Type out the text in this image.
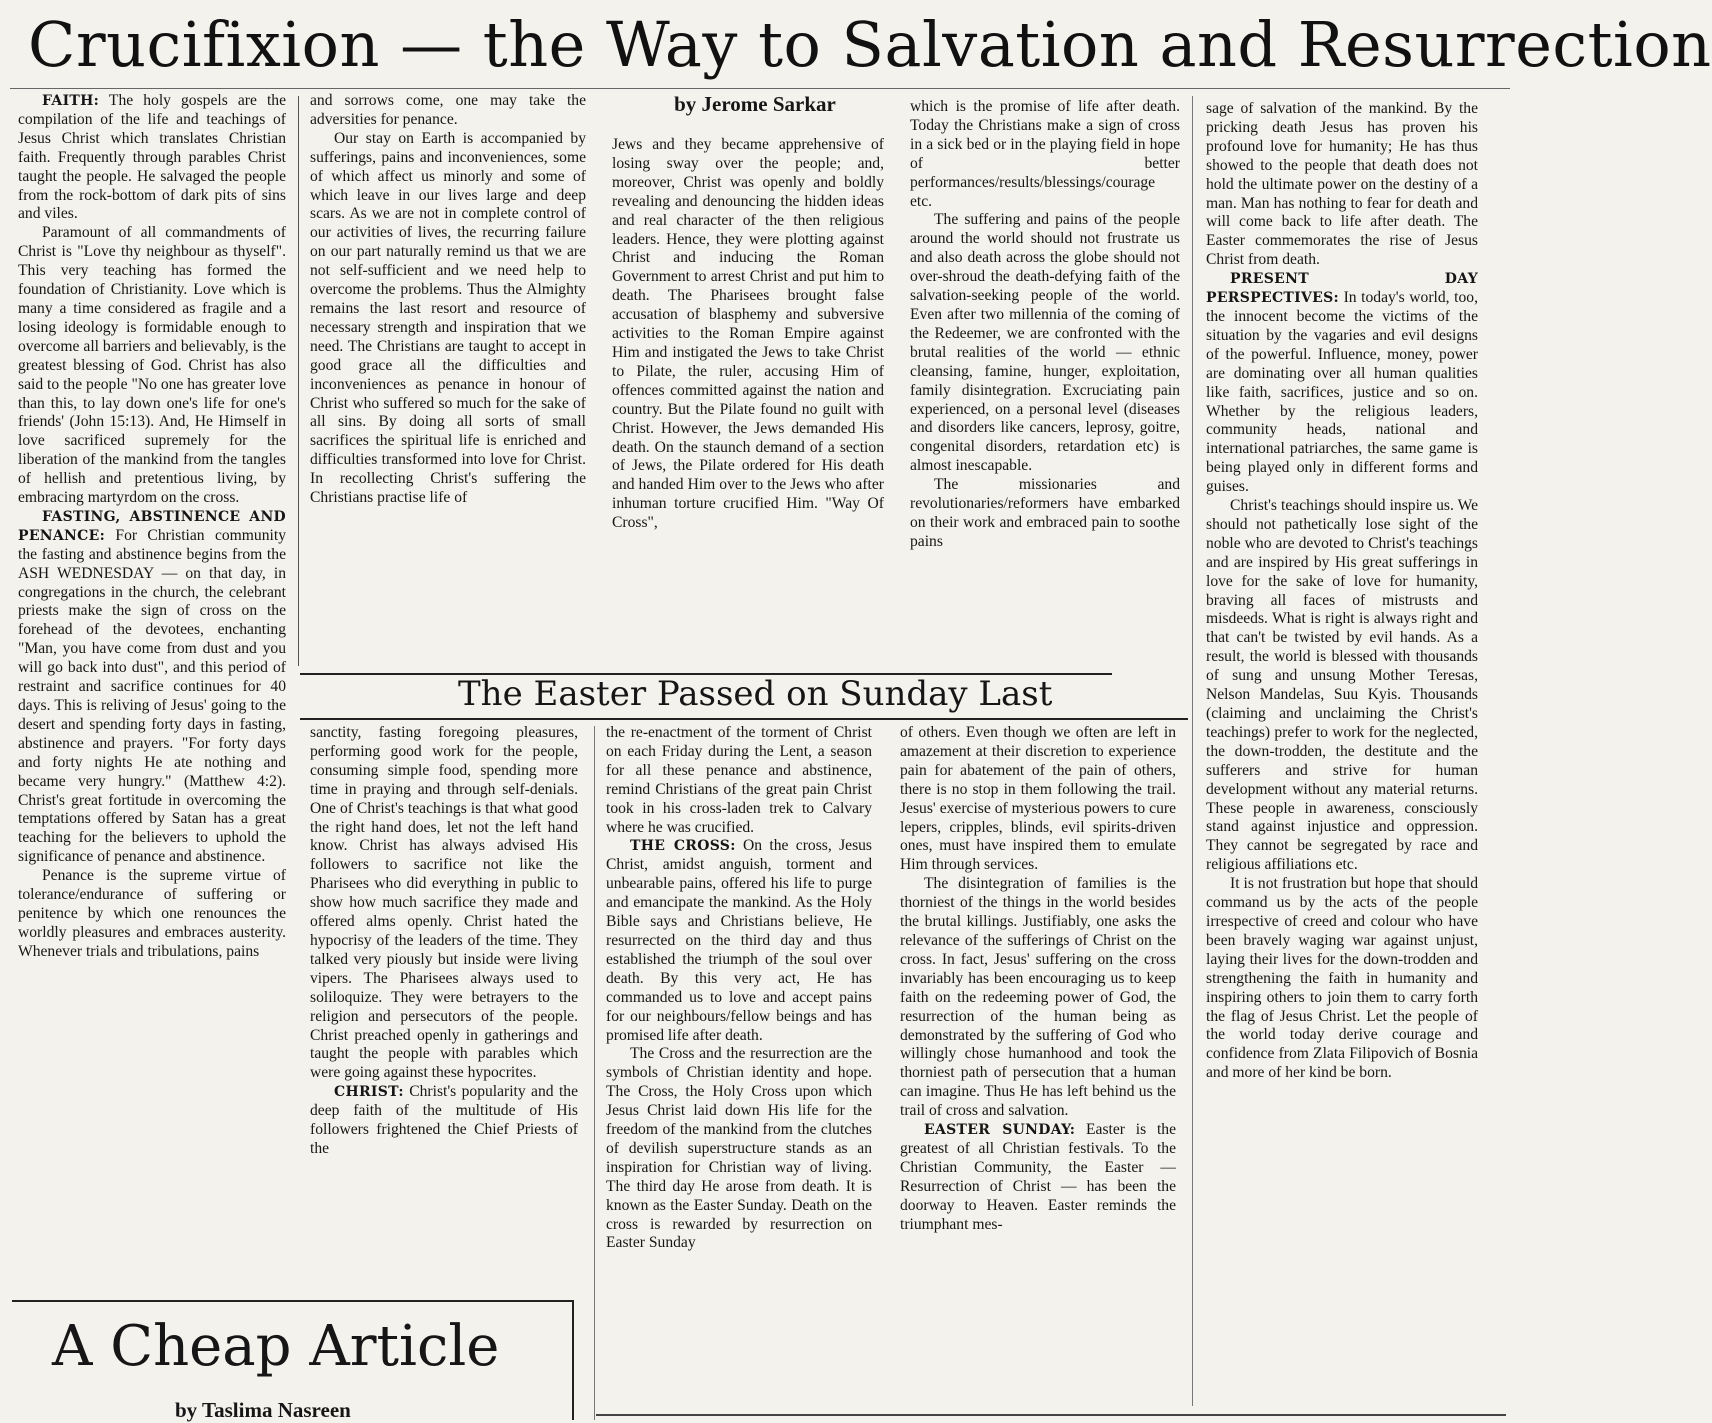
Crucifixion — the Way to Salvation and Resurrection
by Jerome Sarkar

FAITH: The holy gospels are the compilation of the life and teachings of Jesus Christ which translates Christian faith. Frequently through parables Christ taught the people. He salvaged the people from the rock-bottom of dark pits of sins and viles.

Paramount of all commandments of Christ is "Love thy neighbour as thyself". This very teaching has formed the foundation of Christianity. Love which is many a time considered as fragile and a losing ideology is formidable enough to overcome all barriers and believably, is the greatest blessing of God. Christ has also said to the people "No one has greater love than this, to lay down one's life for one's friends' (John 15:13). And, He Himself in love sacrificed supremely for the liberation of the mankind from the tangles of hellish and pretentious living, by embracing martyrdom on the cross.

FASTING, ABSTINENCE AND PENANCE: For Christian community the fasting and abstinence begins from the ASH WEDNESDAY — on that day, in congregations in the church, the celebrant priests make the sign of cross on the forehead of the devotees, enchanting "Man, you have come from dust and you will go back into dust", and this period of restraint and sacrifice continues for 40 days. This is reliving of Jesus' going to the desert and spending forty days in fasting, abstinence and prayers. "For forty days and forty nights He ate nothing and became very hungry." (Matthew 4:2). Christ's great fortitude in overcoming the temptations offered by Satan has a great teaching for the believers to uphold the significance of penance and abstinence.

Penance is the supreme virtue of tolerance/endurance of suffering or penitence by which one renounces the worldly pleasures and embraces austerity. Whenever trials and tribulations, pains

and sorrows come, one may take the adversities for penance.

Our stay on Earth is accompanied by sufferings, pains and inconveniences, some of which affect us minorly and some of which leave in our lives large and deep scars. As we are not in complete control of our activities of lives, the recurring failure on our part naturally remind us that we are not self-sufficient and we need help to overcome the problems. Thus the Almighty remains the last resort and resource of necessary strength and inspiration that we need. The Christians are taught to accept in good grace all the difficulties and inconveniences as penance in honour of Christ who suffered so much for the sake of all sins. By doing all sorts of small sacrifices the spiritual life is enriched and difficulties transformed into love for Christ. In recollecting Christ's suffering the Christians practise life of

Jews and they became apprehensive of losing sway over the people; and, moreover, Christ was openly and boldly revealing and denouncing the hidden ideas and real character of the then religious leaders. Hence, they were plotting against Christ and inducing the Roman Government to arrest Christ and put him to death. The Pharisees brought false accusation of blasphemy and subversive activities to the Roman Empire against Him and instigated the Jews to take Christ to Pilate, the ruler, accusing Him of offences committed against the nation and country. But the Pilate found no guilt with Christ. However, the Jews demanded His death. On the staunch demand of a section of Jews, the Pilate ordered for His death and handed Him over to the Jews who after inhuman torture crucified Him. "Way Of Cross",

which is the promise of life after death. Today the Christians make a sign of cross in a sick bed or in the playing field in hope of better performances/results/blessings/courage etc.

The suffering and pains of the people around the world should not frustrate us and also death across the globe should not over-shroud the death-defying faith of the salvation-seeking people of the world. Even after two millennia of the coming of the Redeemer, we are confronted with the brutal realities of the world — ethnic cleansing, famine, hunger, exploitation, family disintegration. Excruciating pain experienced, on a personal level (diseases and disorders like cancers, leprosy, goitre, congenital disorders, retardation etc) is almost inescapable.

The missionaries and revolutionaries/reformers have embarked on their work and embraced pain to soothe pains

sage of salvation of the mankind. By the pricking death Jesus has proven his profound love for humanity; He has thus showed to the people that death does not hold the ultimate power on the destiny of a man. Man has nothing to fear for death and will come back to life after death. The Easter commemorates the rise of Jesus Christ from death.

PRESENT DAY PERSPECTIVES: In today's world, too, the innocent become the victims of the situation by the vagaries and evil designs of the powerful. Influence, money, power are dominating over all human qualities like faith, sacrifices, justice and so on. Whether by the religious leaders, community heads, national and international patriarches, the same game is being played only in different forms and guises.

Christ's teachings should inspire us. We should not pathetically lose sight of the noble who are devoted to Christ's teachings and are inspired by His great sufferings in love for the sake of love for humanity, braving all faces of mistrusts and misdeeds. What is right is always right and that can't be twisted by evil hands. As a result, the world is blessed with thousands of sung and unsung Mother Teresas, Nelson Mandelas, Suu Kyis. Thousands (claiming and unclaiming the Christ's teachings) prefer to work for the neglected, the down-trodden, the destitute and the sufferers and strive for human development without any material returns. These people in awareness, consciously stand against injustice and oppression. They cannot be segregated by race and religious affiliations etc.

It is not frustration but hope that should command us by the acts of the people irrespective of creed and colour who have been bravely waging war against unjust, laying their lives for the down-trodden and strengthening the faith in humanity and inspiring others to join them to carry forth the flag of Jesus Christ. Let the people of the world today derive courage and confidence from Zlata Filipovich of Bosnia and more of her kind be born.

The Easter Passed on Sunday Last

sanctity, fasting foregoing pleasures, performing good work for the people, consuming simple food, spending more time in praying and through self-denials. One of Christ's teachings is that what good the right hand does, let not the left hand know. Christ has always advised His followers to sacrifice not like the Pharisees who did everything in public to show how much sacrifice they made and offered alms openly. Christ hated the hypocrisy of the leaders of the time. They talked very piously but inside were living vipers. The Pharisees always used to soliloquize. They were betrayers to the religion and persecutors of the people. Christ preached openly in gatherings and taught the people with parables which were going against these hypocrites.

CHRIST: Christ's popularity and the deep faith of the multitude of His followers frightened the Chief Priests of the

the re-enactment of the torment of Christ on each Friday during the Lent, a season for all these penance and abstinence, remind Christians of the great pain Christ took in his cross-laden trek to Calvary where he was crucified.

THE CROSS: On the cross, Jesus Christ, amidst anguish, torment and unbearable pains, offered his life to purge and emancipate the mankind. As the Holy Bible says and Christians believe, He resurrected on the third day and thus established the triumph of the soul over death. By this very act, He has commanded us to love and accept pains for our neighbours/fellow beings and has promised life after death.

The Cross and the resurrection are the symbols of Christian identity and hope. The Cross, the Holy Cross upon which Jesus Christ laid down His life for the freedom of the mankind from the clutches of devilish superstructure stands as an inspiration for Christian way of living. The third day He arose from death. It is known as the Easter Sunday. Death on the cross is rewarded by resurrection on Easter Sunday

of others. Even though we often are left in amazement at their discretion to experience pain for abatement of the pain of others, there is no stop in them following the trail. Jesus' exercise of mysterious powers to cure lepers, cripples, blinds, evil spirits-driven ones, must have inspired them to emulate Him through services.

The disintegration of families is the thorniest of the things in the world besides the brutal killings. Justifiably, one asks the relevance of the sufferings of Christ on the cross. In fact, Jesus' suffering on the cross invariably has been encouraging us to keep faith on the redeeming power of God, the resurrection of the human being as demonstrated by the suffering of God who willingly chose humanhood and took the thorniest path of persecution that a human can imagine. Thus He has left behind us the trail of cross and salvation.

EASTER SUNDAY: Easter is the greatest of all Christian festivals. To the Christian Community, the Easter — Resurrection of Christ — has been the doorway to Heaven. Easter reminds the triumphant mes-

A Cheap Article
by Taslima Nasreen
